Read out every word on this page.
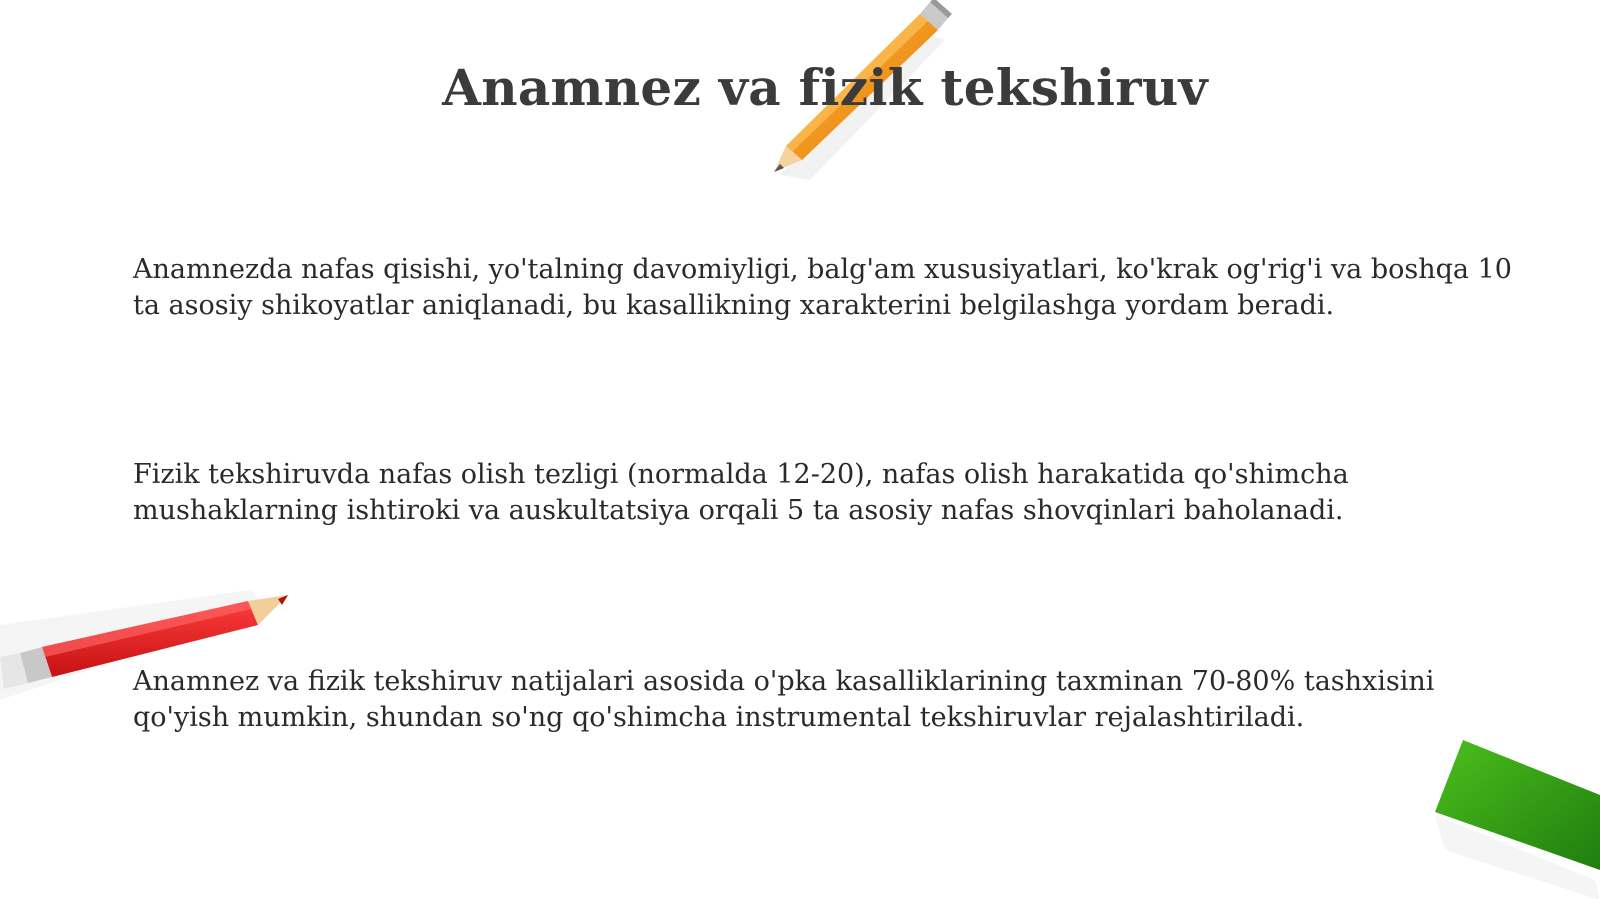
Anamnez va fizik tekshiruv
Anamnezda nafas qisishi, yo'talning davomiyligi, balg'am xususiyatlari, ko'krak og'rig'i va boshqa 10 ta asosiy shikoyatlar aniqlanadi, bu kasallikning xarakterini belgilashga yordam beradi.
Fizik tekshiruvda nafas olish tezligi (normalda 12-20), nafas olish harakatida qo'shimcha mushaklarning ishtiroki va auskultatsiya orqali 5 ta asosiy nafas shovqinlari baholanadi.
Anamnez va fizik tekshiruv natijalari asosida o'pka kasalliklarining taxminan 70-80% tashxisini qo'yish mumkin, shundan so'ng qo'shimcha instrumental tekshiruvlar rejalashtiriladi.
